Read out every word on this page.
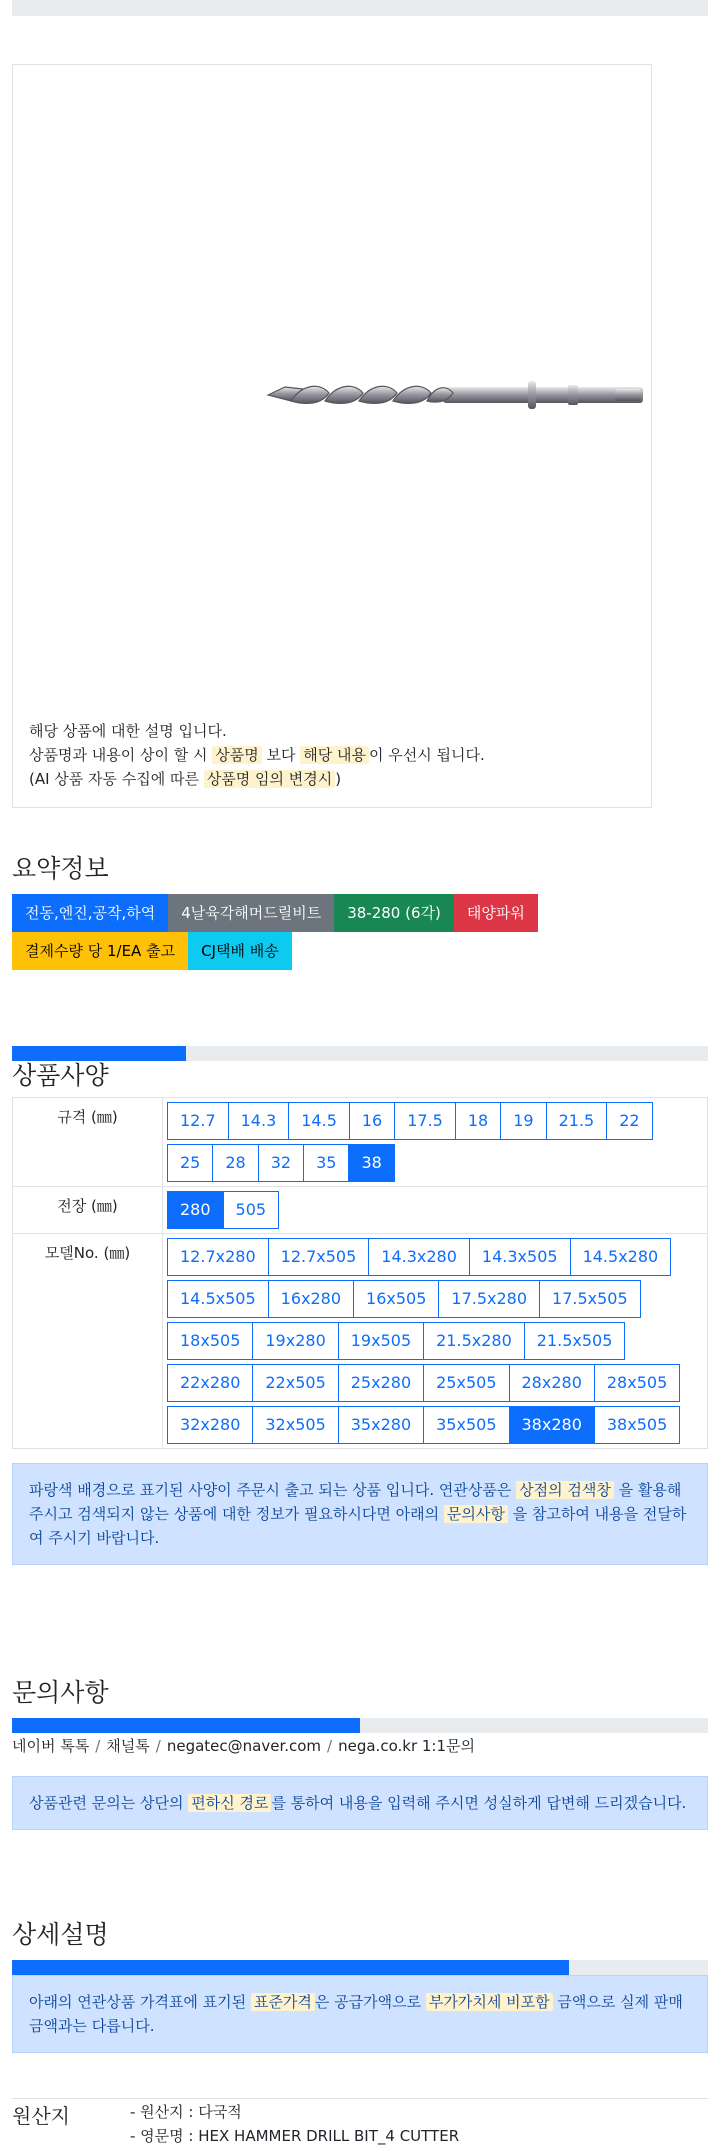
해당 상품에 대한 설명 입니다.
상품명과 내용이 상이 할 시 상품명 보다 해당 내용 이 우선시 됩니다.
(AI 상품 자동 수집에 따른 상품명 임의 변경시 )
요약정보
전동,엔진,공작,하역	4날육각해머드릴비트	38-280 (6각)	태양파워
결제수량 당 1/EA 출고	CJ택배 배송
상품사양
규격 (㎜)	12.7	14.3	14.5	16	17.5	18	19	21.5	22
25	28	32	35	38
전장 (㎜)	280	505
모델No. (㎜)	12.7x280	12.7x505	14.3x280	14.3x505	14.5x280
14.5x505	16x280	16x505	17.5x280	17.5x505
18x505	19x280	19x505	21.5x280	21.5x505
22x280	22x505	25x280	25x505	28x280	28x505
32x280	32x505	35x280	35x505	38x280	38x505
파랑색 배경으로 표기된 사양이 주문시 출고 되는 상품 입니다. 연관상품은 상점의 검색창 을 활용해 주시고 검색되지 않는 상품에 대한 정보가 필요하시다면 아래의 문의사항 을 참고하여 내용을 전달하여 주시기 바랍니다.
문의사항
네이버 톡톡 / 채널톡 / negatec@naver.com / nega.co.kr 1:1문의
상품관련 문의는 상단의 편하신 경로 를 통하여 내용을 입력해 주시면 성실하게 답변해 드리겠습니다.
상세설명
아래의 연관상품 가격표에 표기된 표준가격 은 공급가액으로 부가가치세 비포함 금액으로 실제 판매금액과는 다릅니다.
원산지	- 원산지 : 다국적
- 영문명 : HEX HAMMER DRILL BIT_4 CUTTER
